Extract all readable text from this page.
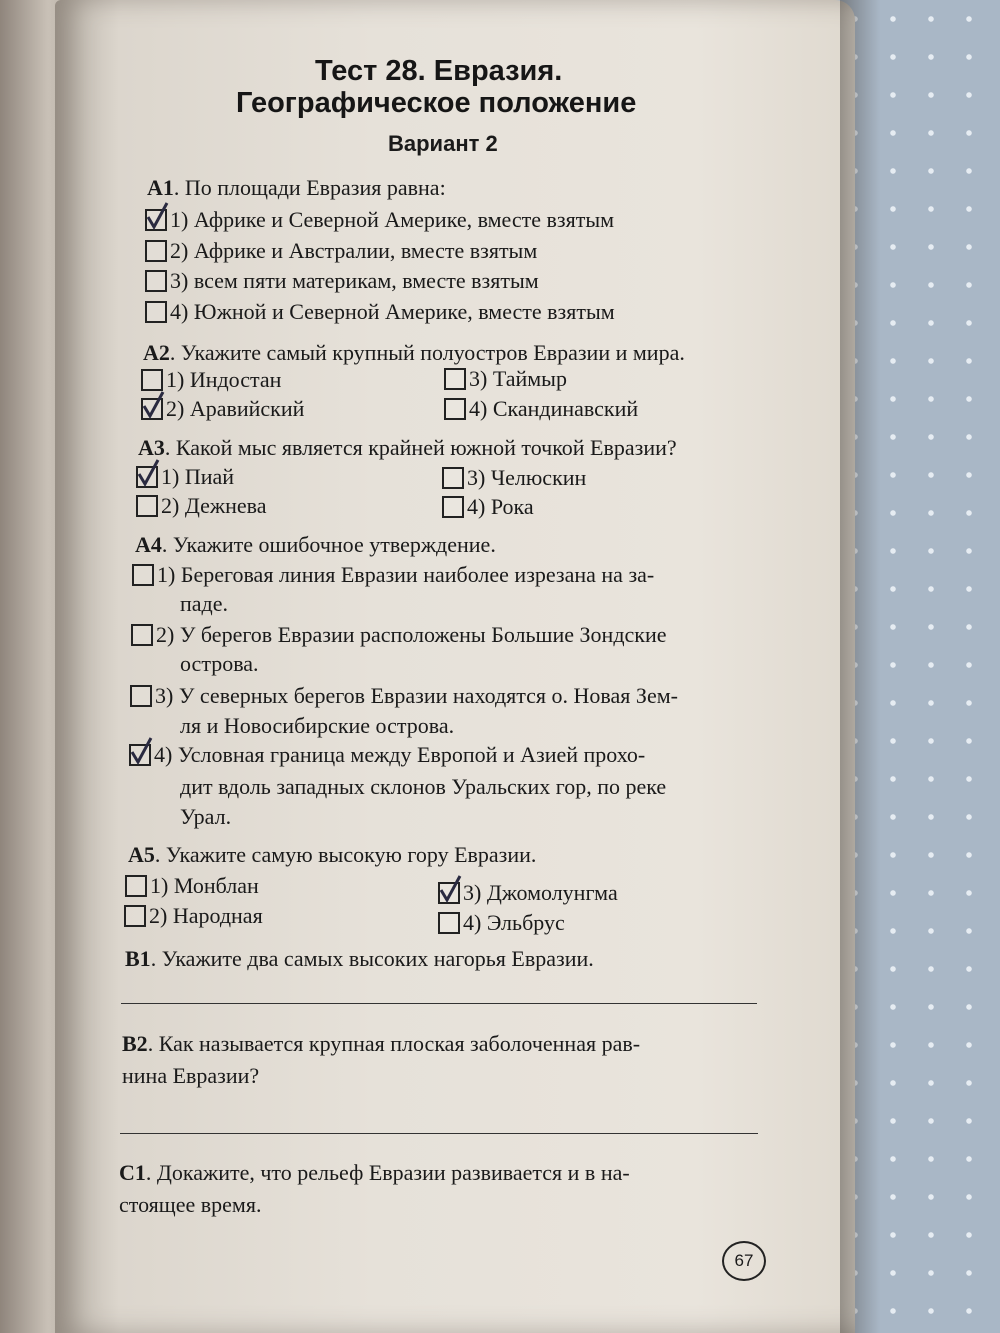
Тест 28. Евразия.
Географическое положение
Вариант 2
А1. По площади Евразия равна:
1) Африке и Северной Америке, вместе взятым
2) Африке и Австралии, вместе взятым
3) всем пяти материкам, вместе взятым
4) Южной и Северной Америке, вместе взятым
А2. Укажите самый крупный полуостров Евразии и мира.
1) Индостан
2) Аравийский
3) Таймыр
4) Скандинавский
А3. Какой мыс является крайней южной точкой Евразии?
1) Пиай
2) Дежнева
3) Челюскин
4) Рока
А4. Укажите ошибочное утверждение.
1) Береговая линия Евразии наиболее изрезана на за-
паде.
2) У берегов Евразии расположены Большие Зондские
острова.
3) У северных берегов Евразии находятся о. Новая Зем-
ля и Новосибирские острова.
4) Условная граница между Европой и Азией прохо-
дит вдоль западных склонов Уральских гор, по реке
Урал.
А5. Укажите самую высокую гору Евразии.
1) Монблан
2) Народная
3) Джомолунгма
4) Эльбрус
В1. Укажите два самых высоких нагорья Евразии.
В2. Как называется крупная плоская заболоченная рав-
нина Евразии?
С1. Докажите, что рельеф Евразии развивается и в на-
стоящее время.
67
